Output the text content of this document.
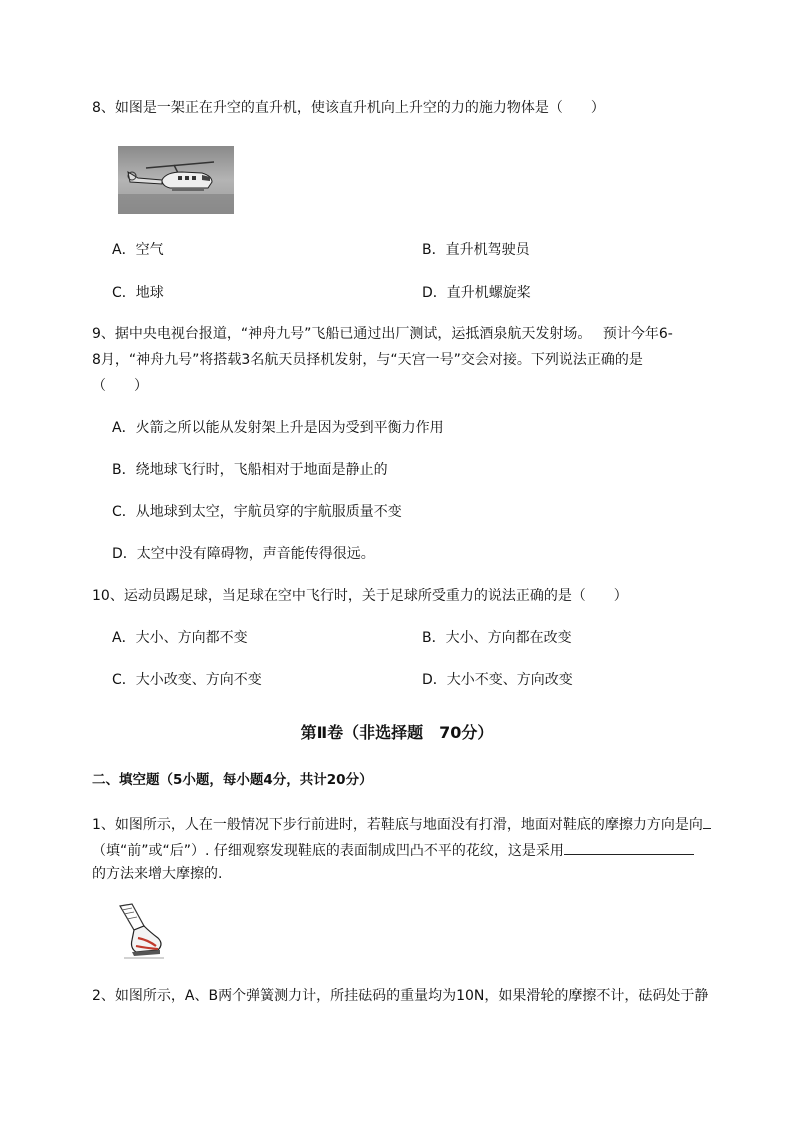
8、如图是一架正在升空的直升机，使该直升机向上升空的力的施力物体是（　　）
A．空气	B．直升机驾驶员
C．地球	D．直升机螺旋桨
9、据中央电视台报道，“神舟九号”飞船已通过出厂测试，运抵酒泉航天发射场。　 预计今年6-
8月，“神舟九号”将搭载3名航天员择机发射，与“天宫一号”交会对接。下列说法正确的是
（　　）
A．火箭之所以能从发射架上升是因为受到平衡力作用
B．绕地球飞行时，飞船相对于地面是静止的
C．从地球到太空，宇航员穿的宇航服质量不变
D．太空中没有障碍物，声音能传得很远。
10、运动员踢足球，当足球在空中飞行时，关于足球所受重力的说法正确的是（　　）
A．大小、方向都不变	B．大小、方向都在改变
C．大小改变、方向不变	D．大小不变、方向改变
第Ⅱ卷（非选择题　70分）
二、填空题（5小题，每小题4分，共计20分）
1、如图所示，人在一般情况下步行前进时，若鞋底与地面没有打滑，地面对鞋底的摩擦力方向是向
（填“前”或“后”）. 仔细观察发现鞋底的表面制成凹凸不平的花纹，这是采用
的方法来增大摩擦的.
2、如图所示，A、B两个弹簧测力计，所挂砝码的重量均为10N，如果滑轮的摩擦不计，砝码处于静
